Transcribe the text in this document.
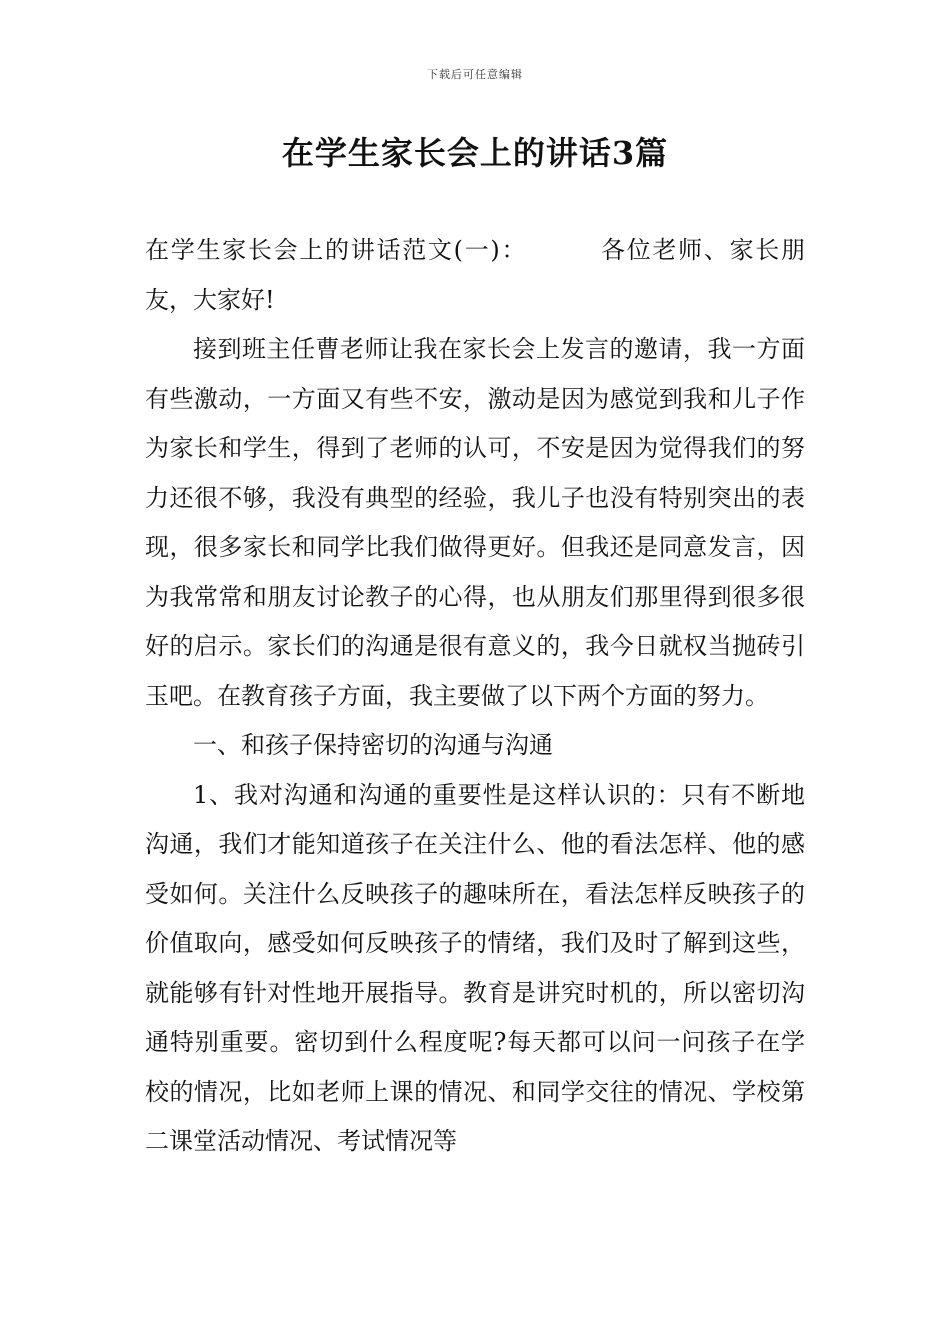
下载后可任意编辑
在学生家长会上的讲话3篇

在学生家长会上的讲话范文(一)：	各位老师、家长朋友，大家好!

接到班主任曹老师让我在家长会上发言的邀请，我一方面有些激动，一方面又有些不安，激动是因为感觉到我和儿子作为家长和学生，得到了老师的认可，不安是因为觉得我们的努力还很不够，我没有典型的经验，我儿子也没有特别突出的表现，很多家长和同学比我们做得更好。但我还是同意发言，因为我常常和朋友讨论教子的心得，也从朋友们那里得到很多很好的启示。家长们的沟通是很有意义的，我今日就权当抛砖引玉吧。在教育孩子方面，我主要做了以下两个方面的努力。

一、和孩子保持密切的沟通与沟通

1、我对沟通和沟通的重要性是这样认识的：只有不断地沟通，我们才能知道孩子在关注什么、他的看法怎样、他的感受如何。关注什么反映孩子的趣味所在，看法怎样反映孩子的价值取向，感受如何反映孩子的情绪，我们及时了解到这些，就能够有针对性地开展指导。教育是讲究时机的，所以密切沟通特别重要。密切到什么程度呢?每天都可以问一问孩子在学校的情况，比如老师上课的情况、和同学交往的情况、学校第二课堂活动情况、考试情况等
